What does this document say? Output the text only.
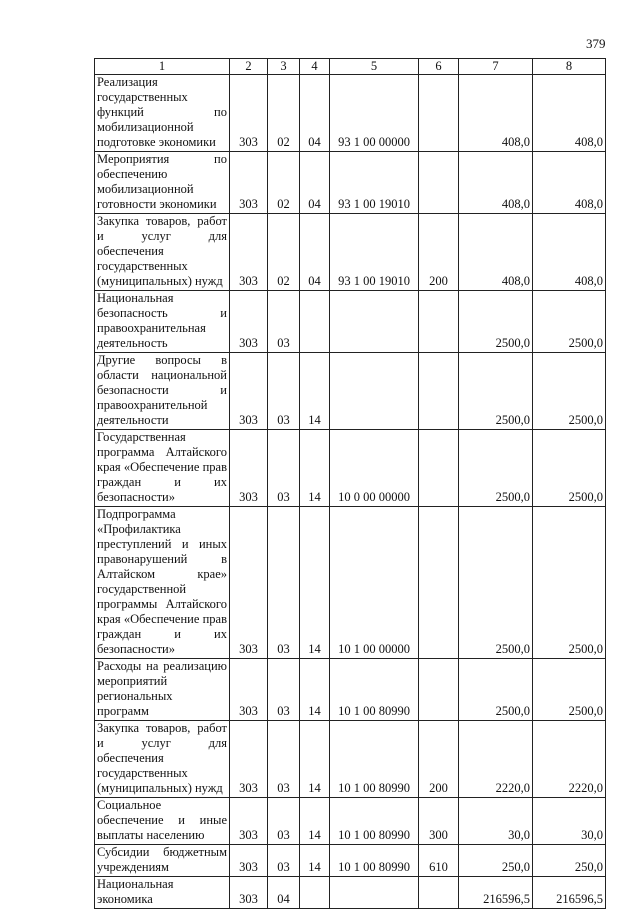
379
1	2	3	4	5	6	7	8
Реализация государственных функций по мобилизационной подготовке экономики	303	02	04	93 1 00 00000		408,0	408,0
Мероприятия по обеспечению мобилизационной готовности экономики	303	02	04	93 1 00 19010		408,0	408,0
Закупка товаров, работ и услуг для обеспечения государственных (муниципальных) нужд	303	02	04	93 1 00 19010	200	408,0	408,0
Национальная безопасность и правоохранительная деятельность	303	03				2500,0	2500,0
Другие вопросы в области национальной безопасности и правоохранительной деятельности	303	03	14			2500,0	2500,0
Государственная программа Алтайского края «Обеспечение прав граждан и их безопасности»	303	03	14	10 0 00 00000		2500,0	2500,0
Подпрограмма «Профилактика преступлений и иных правонарушений в Алтайском крае» государственной программы Алтайского края «Обеспечение прав граждан и их безопасности»	303	03	14	10 1 00 00000		2500,0	2500,0
Расходы на реализацию мероприятий региональных программ	303	03	14	10 1 00 80990		2500,0	2500,0
Закупка товаров, работ и услуг для обеспечения государственных (муниципальных) нужд	303	03	14	10 1 00 80990	200	2220,0	2220,0
Социальное обеспечение и иные выплаты населению	303	03	14	10 1 00 80990	300	30,0	30,0
Субсидии бюджетным учреждениям	303	03	14	10 1 00 80990	610	250,0	250,0
Национальная экономика	303	04				216596,5	216596,5
